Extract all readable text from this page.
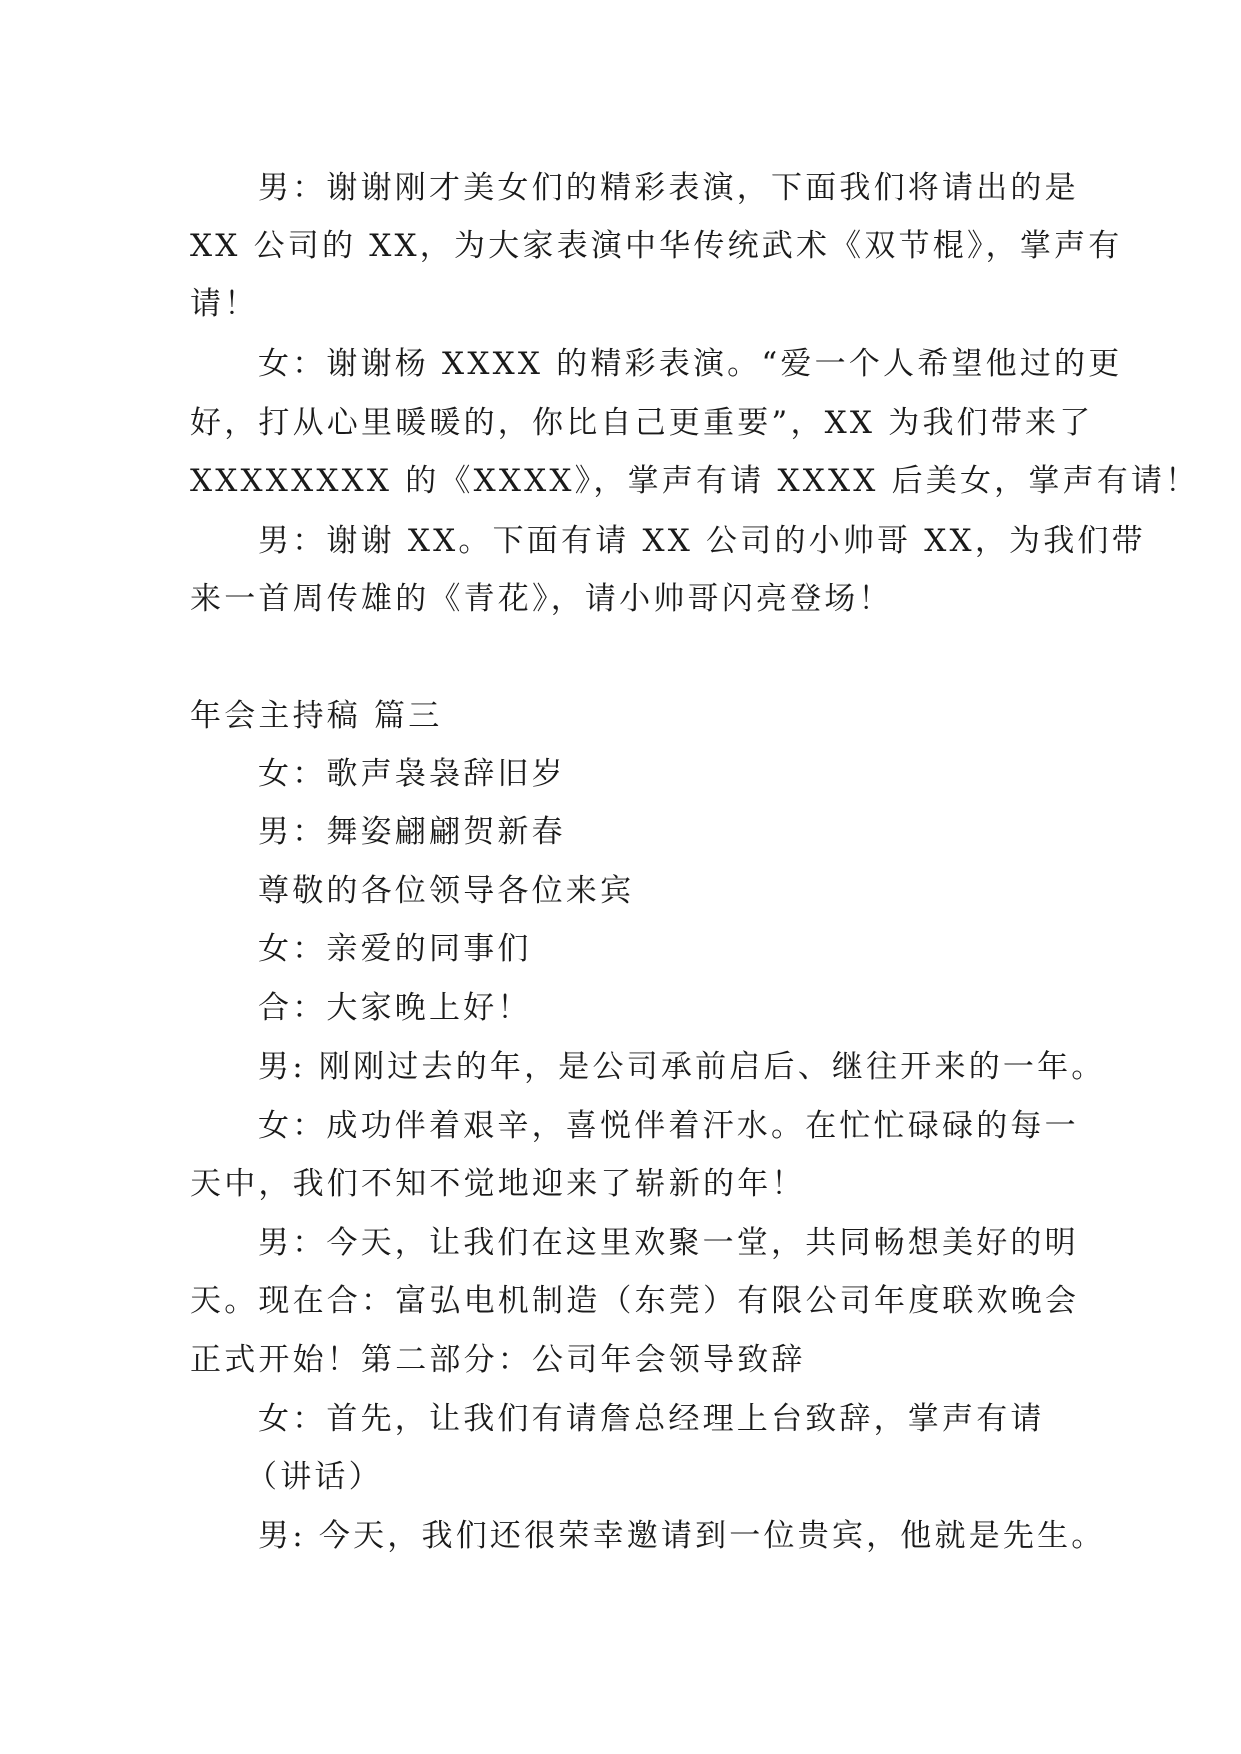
男：谢谢刚才美女们的精彩表演，下面我们将请出的是
XX 公司的 XX，为大家表演中华传统武术《双节棍》，掌声有
请！
女：谢谢杨 XXXX 的精彩表演。“爱一个人希望他过的更
好，打从心里暖暖的，你比自己更重要”，XX 为我们带来了
XXXXXXXX 的《XXXX》，掌声有请 XXXX 后美女，掌声有请！
男：谢谢 XX。下面有请 XX 公司的小帅哥 XX，为我们带
来一首周传雄的《青花》，请小帅哥闪亮登场！
年会主持稿 篇三
女：歌声袅袅辞旧岁
男：舞姿翩翩贺新春
尊敬的各位领导各位来宾
女：亲爱的同事们
合：大家晚上好！
男: 刚刚过去的年，是公司承前启后、继往开来的一年。
女：成功伴着艰辛，喜悦伴着汗水。在忙忙碌碌的每一
天中，我们不知不觉地迎来了崭新的年！
男：今天，让我们在这里欢聚一堂，共同畅想美好的明
天。现在合：富弘电机制造（东莞）有限公司年度联欢晚会
正式开始！第二部分：公司年会领导致辞
女：首先，让我们有请詹总经理上台致辞，掌声有请
（讲话）
男: 今天，我们还很荣幸邀请到一位贵宾，他就是先生。
